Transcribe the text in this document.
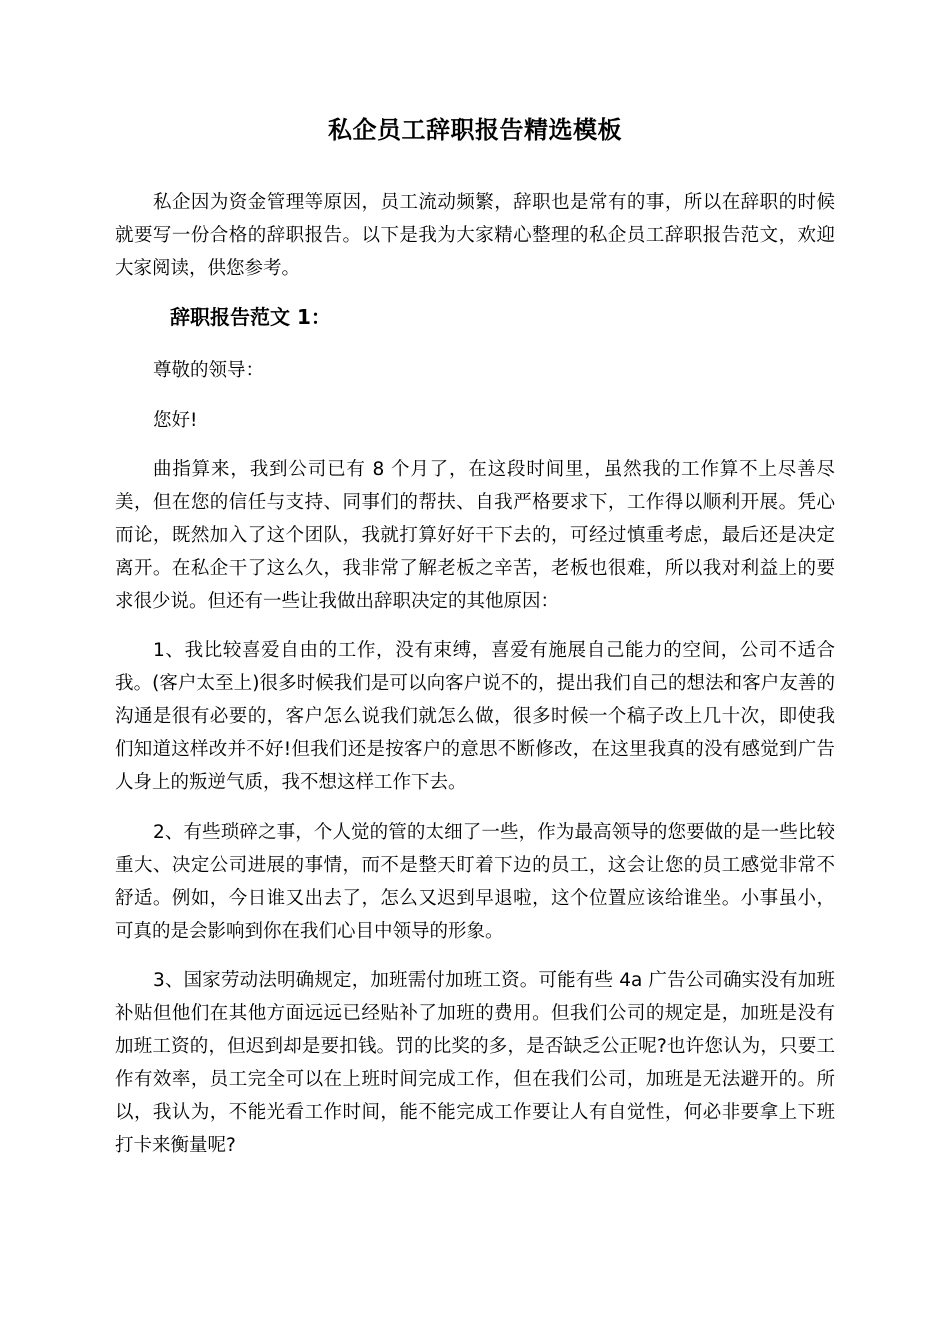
私企员工辞职报告精选模板

私企因为资金管理等原因，员工流动频繁，辞职也是常有的事，所以在辞职的时候就要写一份合格的辞职报告。以下是我为大家精心整理的私企员工辞职报告范文，欢迎大家阅读，供您参考。

辞职报告范文 1：
尊敬的领导：
您好!

曲指算来，我到公司已有 8 个月了，在这段时间里，虽然我的工作算不上尽善尽美，但在您的信任与支持、同事们的帮扶、自我严格要求下，工作得以顺利开展。凭心而论，既然加入了这个团队，我就打算好好干下去的，可经过慎重考虑，最后还是决定离开。在私企干了这么久，我非常了解老板之辛苦，老板也很难，所以我对利益上的要求很少说。但还有一些让我做出辞职决定的其他原因：

1、我比较喜爱自由的工作，没有束缚，喜爱有施展自己能力的空间，公司不适合我。(客户太至上)很多时候我们是可以向客户说不的，提出我们自己的想法和客户友善的沟通是很有必要的，客户怎么说我们就怎么做，很多时候一个稿子改上几十次，即使我们知道这样改并不好!但我们还是按客户的意思不断修改，在这里我真的没有感觉到广告人身上的叛逆气质，我不想这样工作下去。

2、有些琐碎之事，个人觉的管的太细了一些，作为最高领导的您要做的是一些比较重大、决定公司进展的事情，而不是整天盯着下边的员工，这会让您的员工感觉非常不舒适。例如，今日谁又出去了，怎么又迟到早退啦，这个位置应该给谁坐。小事虽小，可真的是会影响到你在我们心目中领导的形象。

3、国家劳动法明确规定，加班需付加班工资。可能有些 4a 广告公司确实没有加班补贴但他们在其他方面远远已经贴补了加班的费用。但我们公司的规定是，加班是没有加班工资的，但迟到却是要扣钱。罚的比奖的多，是否缺乏公正呢?也许您认为，只要工作有效率，员工完全可以在上班时间完成工作，但在我们公司，加班是无法避开的。所以，我认为，不能光看工作时间，能不能完成工作要让人有自觉性，何必非要拿上下班打卡来衡量呢?
